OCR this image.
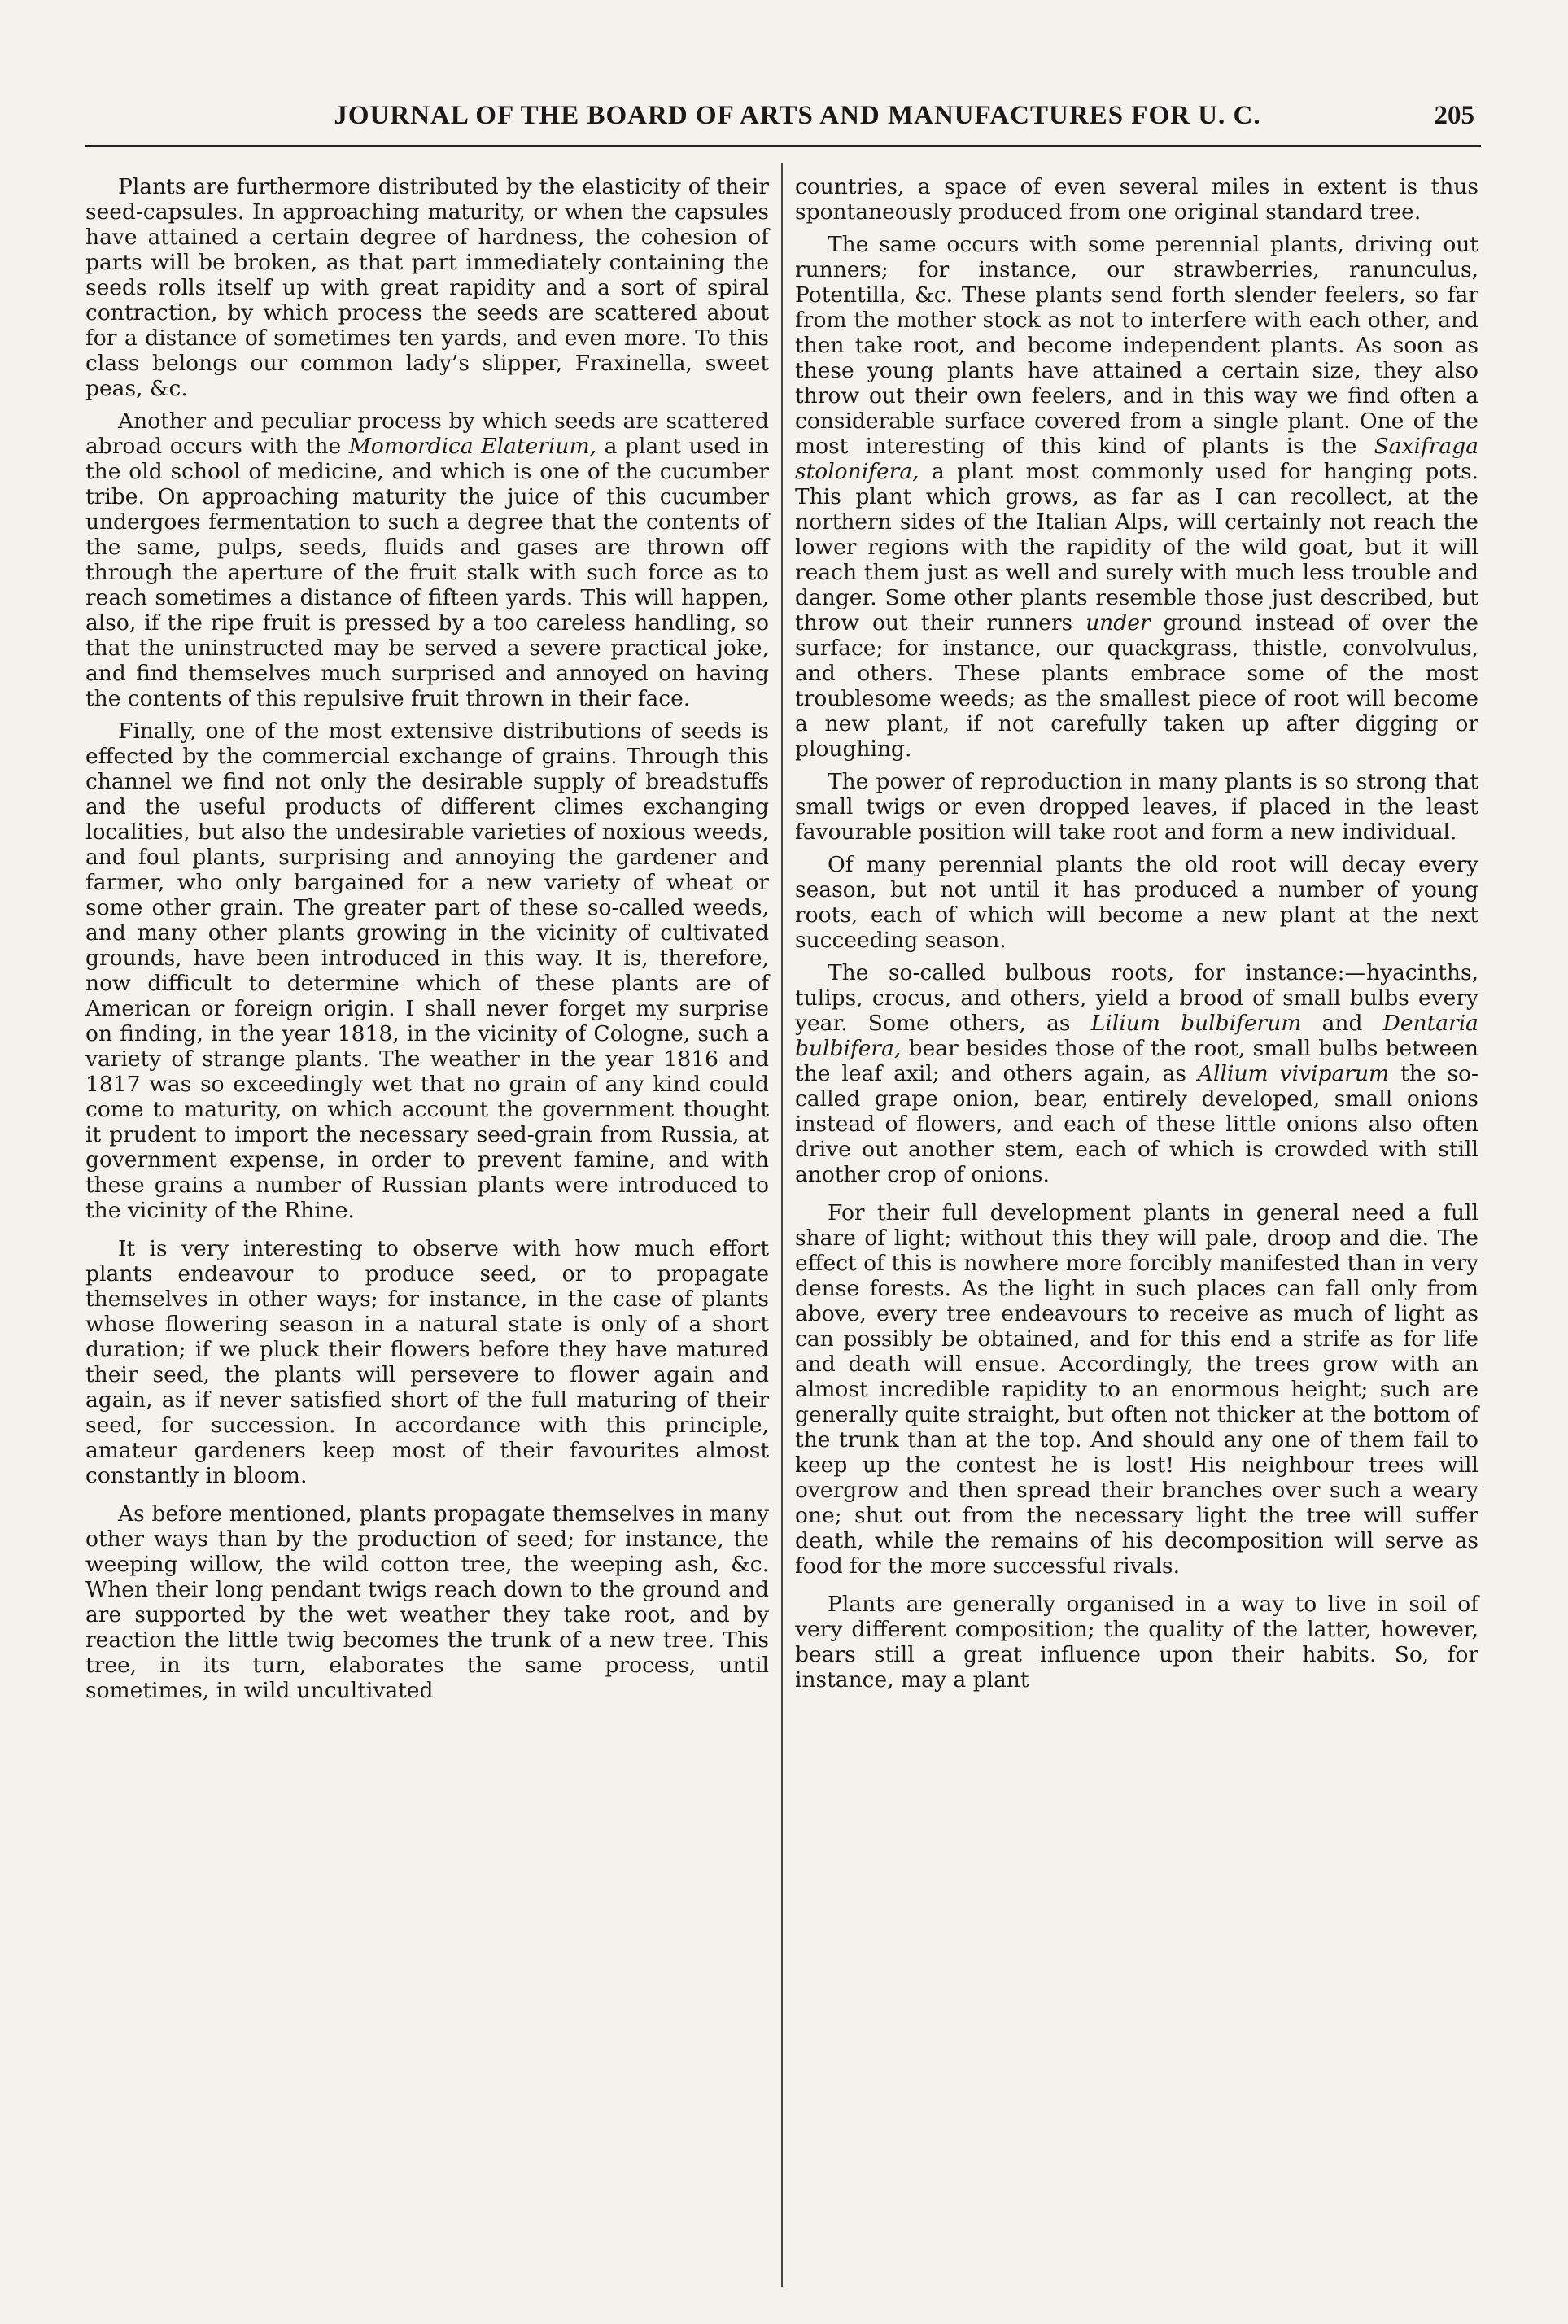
JOURNAL OF THE BOARD OF ARTS AND MANUFACTURES FOR U. C.	205

Plants are furthermore distributed by the elasticity of their seed-capsules. In approaching maturity, or when the capsules have attained a certain degree of hardness, the cohesion of parts will be broken, as that part immediately containing the seeds rolls itself up with great rapidity and a sort of spiral contraction, by which process the seeds are scattered about for a distance of sometimes ten yards, and even more. To this class belongs our common lady’s slipper, Fraxinella, sweet peas, &c.

Another and peculiar process by which seeds are scattered abroad occurs with the Momordica Elaterium, a plant used in the old school of medicine, and which is one of the cucumber tribe. On approaching maturity the juice of this cucumber undergoes fermentation to such a degree that the contents of the same, pulps, seeds, fluids and gases are thrown off through the aperture of the fruit stalk with such force as to reach sometimes a distance of fifteen yards. This will happen, also, if the ripe fruit is pressed by a too careless handling, so that the uninstructed may be served a severe practical joke, and find themselves much surprised and annoyed on having the contents of this repulsive fruit thrown in their face.

Finally, one of the most extensive distributions of seeds is effected by the commercial exchange of grains. Through this channel we find not only the desirable supply of breadstuffs and the useful products of different climes exchanging localities, but also the undesirable varieties of noxious weeds, and foul plants, surprising and annoying the gardener and farmer, who only bargained for a new variety of wheat or some other grain. The greater part of these so-called weeds, and many other plants growing in the vicinity of cultivated grounds, have been introduced in this way. It is, therefore, now difficult to determine which of these plants are of American or foreign origin. I shall never forget my surprise on finding, in the year 1818, in the vicinity of Cologne, such a variety of strange plants. The weather in the year 1816 and 1817 was so exceedingly wet that no grain of any kind could come to maturity, on which account the government thought it prudent to import the necessary seed-grain from Russia, at government expense, in order to prevent famine, and with these grains a number of Russian plants were introduced to the vicinity of the Rhine.

It is very interesting to observe with how much effort plants endeavour to produce seed, or to propagate themselves in other ways; for instance, in the case of plants whose flowering season in a natural state is only of a short duration; if we pluck their flowers before they have matured their seed, the plants will persevere to flower again and again, as if never satisfied short of the full maturing of their seed, for succession. In accordance with this principle, amateur gardeners keep most of their favourites almost constantly in bloom.

As before mentioned, plants propagate themselves in many other ways than by the production of seed; for instance, the weeping willow, the wild cotton tree, the weeping ash, &c. When their long pendant twigs reach down to the ground and are supported by the wet weather they take root, and by reaction the little twig becomes the trunk of a new tree. This tree, in its turn, elaborates the same process, until sometimes, in wild uncultivated

countries, a space of even several miles in extent is thus spontaneously produced from one original standard tree.

The same occurs with some perennial plants, driving out runners; for instance, our strawberries, ranunculus, Potentilla, &c. These plants send forth slender feelers, so far from the mother stock as not to interfere with each other, and then take root, and become independent plants. As soon as these young plants have attained a certain size, they also throw out their own feelers, and in this way we find often a considerable surface covered from a single plant. One of the most interesting of this kind of plants is the Saxifraga stolonifera, a plant most commonly used for hanging pots. This plant which grows, as far as I can recollect, at the northern sides of the Italian Alps, will certainly not reach the lower regions with the rapidity of the wild goat, but it will reach them just as well and surely with much less trouble and danger. Some other plants resemble those just described, but throw out their runners under ground instead of over the surface; for instance, our quackgrass, thistle, convolvulus, and others. These plants embrace some of the most troublesome weeds; as the smallest piece of root will become a new plant, if not carefully taken up after digging or ploughing.

The power of reproduction in many plants is so strong that small twigs or even dropped leaves, if placed in the least favourable position will take root and form a new individual.

Of many perennial plants the old root will decay every season, but not until it has produced a number of young roots, each of which will become a new plant at the next succeeding season.

The so-called bulbous roots, for instance:—hyacinths, tulips, crocus, and others, yield a brood of small bulbs every year. Some others, as Lilium bulbiferum and Dentaria bulbifera, bear besides those of the root, small bulbs between the leaf axil; and others again, as Allium viviparum the so-called grape onion, bear, entirely developed, small onions instead of flowers, and each of these little onions also often drive out another stem, each of which is crowded with still another crop of onions.

For their full development plants in general need a full share of light; without this they will pale, droop and die. The effect of this is nowhere more forcibly manifested than in very dense forests. As the light in such places can fall only from above, every tree endeavours to receive as much of light as can possibly be obtained, and for this end a strife as for life and death will ensue. Accordingly, the trees grow with an almost incredible rapidity to an enormous height; such are generally quite straight, but often not thicker at the bottom of the trunk than at the top. And should any one of them fail to keep up the contest he is lost! His neighbour trees will overgrow and then spread their branches over such a weary one; shut out from the necessary light the tree will suffer death, while the remains of his decomposition will serve as food for the more successful rivals.

Plants are generally organised in a way to live in soil of very different composition; the quality of the latter, however, bears still a great influence upon their habits. So, for instance, may a plant
